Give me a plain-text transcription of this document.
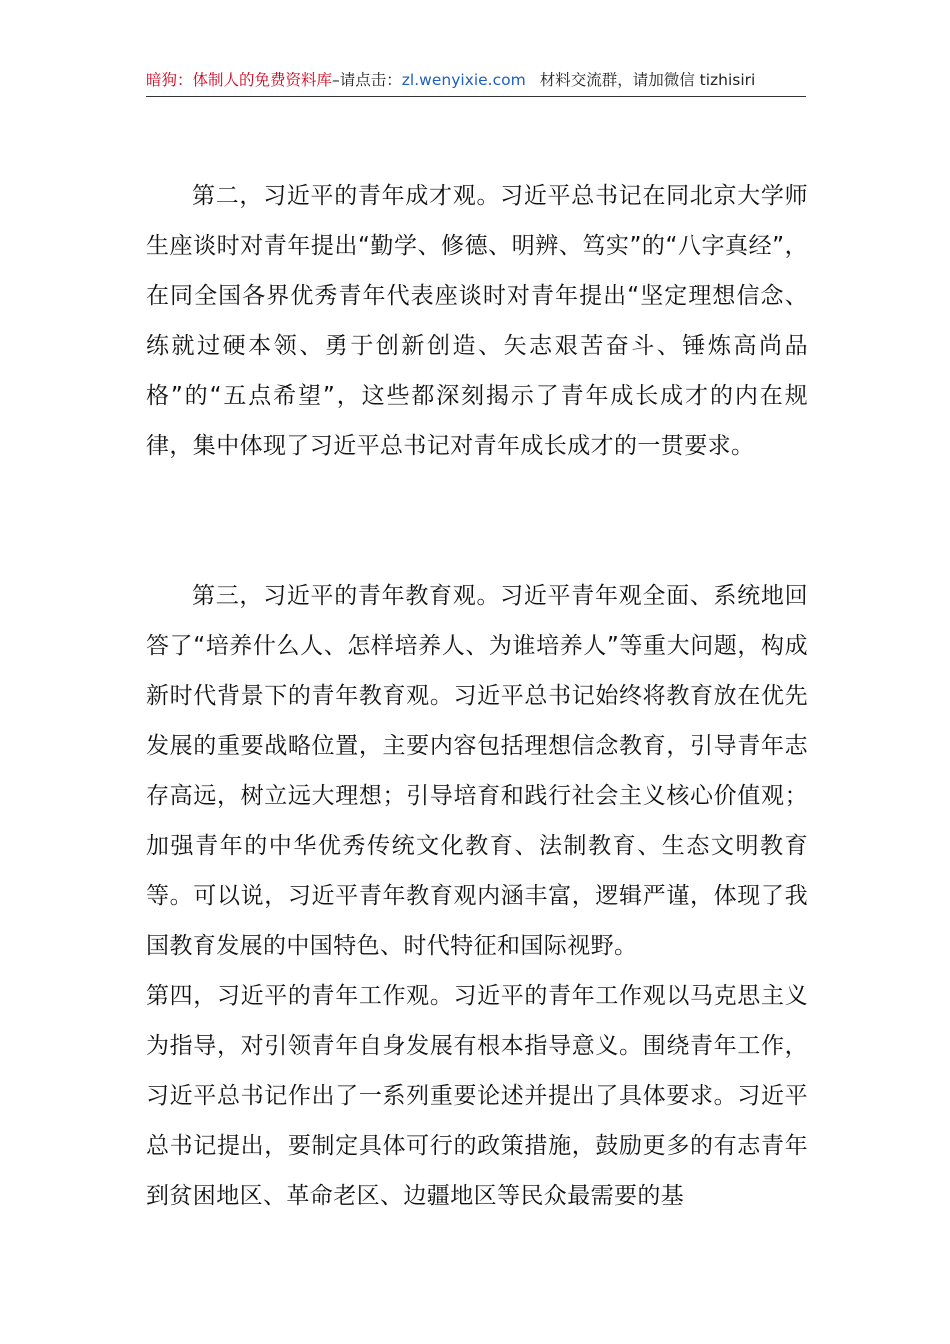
暗狗：体制人的免费资料库–请点击：zl.wenyixie.com 材料交流群，请加微信 tizhisiri

第二，习近平的青年成才观。习近平总书记在同北京大学师生座谈时对青年提出“勤学、修德、明辨、笃实”的“八字真经”，在同全国各界优秀青年代表座谈时对青年提出“坚定理想信念、练就过硬本领、勇于创新创造、矢志艰苦奋斗、锤炼高尚品格”的“五点希望”，这些都深刻揭示了青年成长成才的内在规律，集中体现了习近平总书记对青年成长成才的一贯要求。

第三，习近平的青年教育观。习近平青年观全面、系统地回答了“培养什么人、怎样培养人、为谁培养人”等重大问题，构成新时代背景下的青年教育观。习近平总书记始终将教育放在优先发展的重要战略位置，主要内容包括理想信念教育，引导青年志存高远，树立远大理想；引导培育和践行社会主义核心价值观；加强青年的中华优秀传统文化教育、法制教育、生态文明教育等。可以说，习近平青年教育观内涵丰富，逻辑严谨，体现了我国教育发展的中国特色、时代特征和国际视野。

第四，习近平的青年工作观。习近平的青年工作观以马克思主义为指导，对引领青年自身发展有根本指导意义。围绕青年工作，习近平总书记作出了一系列重要论述并提出了具体要求。习近平总书记提出，要制定具体可行的政策措施，鼓励更多的有志青年到贫困地区、革命老区、边疆地区等民众最需要的基
